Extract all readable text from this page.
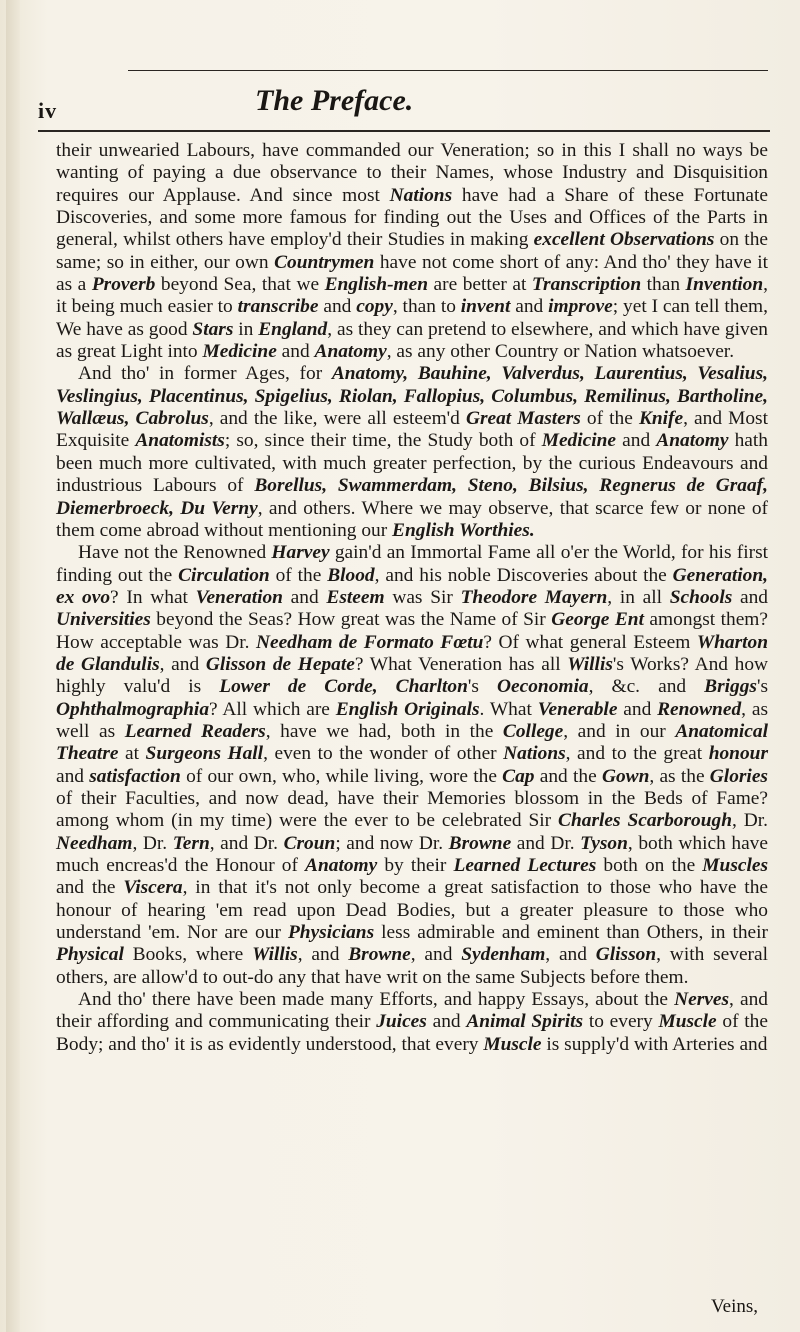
iv	The Preface.

their unwearied Labours, have commanded our Veneration; so in this I shall no ways be wanting of paying a due observance to their Names, whose Industry and Disquisition requires our Applause. And since most Nations have had a Share of these Fortunate Discoveries, and some more famous for finding out the Uses and Offices of the Parts in general, whilst others have employ'd their Studies in making excellent Observations on the same; so in either, our own Countrymen have not come short of any: And tho' they have it as a Proverb beyond Sea, that we English-men are better at Transcription than Invention, it being much easier to transcribe and copy, than to invent and improve; yet I can tell them, We have as good Stars in England, as they can pretend to elsewhere, and which have given as great Light into Medicine and Anatomy, as any other Country or Nation whatsoever.

And tho' in former Ages, for Anatomy, Bauhine, Valverdus, Laurentius, Vesalius, Veslingius, Placentinus, Spigelius, Riolan, Fallopius, Columbus, Remilinus, Bartholine, Wallæus, Cabrolus, and the like, were all esteem'd Great Masters of the Knife, and Most Exquisite Anatomists; so, since their time, the Study both of Medicine and Anatomy hath been much more cultivated, with much greater perfection, by the curious Endeavours and industrious Labours of Borellus, Swammerdam, Steno, Bilsius, Regnerus de Graaf, Diemerbroeck, Du Verny, and others. Where we may observe, that scarce few or none of them come abroad without mentioning our English Worthies.

Have not the Renowned Harvey gain'd an Immortal Fame all o'er the World, for his first finding out the Circulation of the Blood, and his noble Discoveries about the Generation, ex ovo? In what Veneration and Esteem was Sir Theodore Mayern, in all Schools and Universities beyond the Seas? How great was the Name of Sir George Ent amongst them? How acceptable was Dr. Needham de Formato Fœtu? Of what general Esteem Wharton de Glandulis, and Glisson de Hepate? What Veneration has all Willis's Works? And how highly valu'd is Lower de Corde, Charlton's Oeconomia, &c. and Briggs's Ophthalmographia? All which are English Originals. What Venerable and Renowned, as well as Learned Readers, have we had, both in the College, and in our Anatomical Theatre at Surgeons Hall, even to the wonder of other Nations, and to the great honour and satisfaction of our own, who, while living, wore the Cap and the Gown, as the Glories of their Faculties, and now dead, have their Memories blossom in the Beds of Fame? among whom (in my time) were the ever to be celebrated Sir Charles Scarborough, Dr. Needham, Dr. Tern, and Dr. Croun; and now Dr. Browne and Dr. Tyson, both which have much encreas'd the Honour of Anatomy by their Learned Lectures both on the Muscles and the Viscera, in that it's not only become a great satisfaction to those who have the honour of hearing 'em read upon Dead Bodies, but a greater pleasure to those who understand 'em. Nor are our Physicians less admirable and eminent than Others, in their Physical Books, where Willis, and Browne, and Sydenham, and Glisson, with several others, are allow'd to out-do any that have writ on the same Subjects before them.

And tho' there have been made many Efforts, and happy Essays, about the Nerves, and their affording and communicating their Juices and Animal Spirits to every Muscle of the Body; and tho' it is as evidently understood, that every Muscle is supply'd with Arteries and

Veins,
